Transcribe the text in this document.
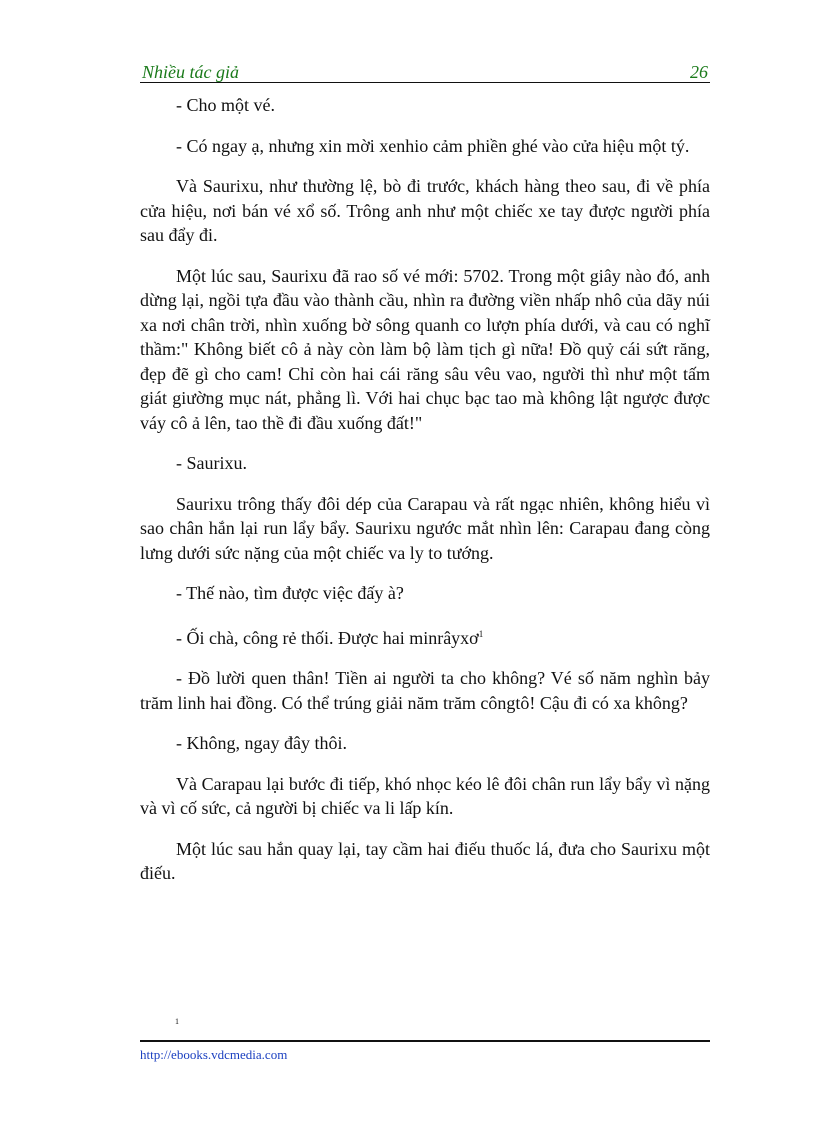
Nhiều tác giả	26

- Cho một vé.

- Có ngay ạ, nhưng xin mời xenhio cảm phiền ghé vào cửa hiệu một tý.

Và Saurixu, như thường lệ, bò đi trước, khách hàng theo sau, đi về phía cửa hiệu, nơi bán vé xổ số. Trông anh như một chiếc xe tay được người phía sau đẩy đi.

Một lúc sau, Saurixu đã rao số vé mới: 5702. Trong một giây nào đó, anh dừng lại, ngồi tựa đầu vào thành cầu, nhìn ra đường viền nhấp nhô của dãy núi xa nơi chân trời, nhìn xuống bờ sông quanh co lượn phía dưới, và cau có nghĩ thầm:" Không biết cô ả này còn làm bộ làm tịch gì nữa! Đồ quỷ cái sứt răng, đẹp đẽ gì cho cam! Chỉ còn hai cái răng sâu vêu vao, người thì như một tấm giát giường mục nát, phẳng lì. Với hai chục bạc tao mà không lật ngược được váy cô ả lên, tao thề đi đầu xuống đất!"

- Saurixu.

Saurixu trông thấy đôi dép của Carapau và rất ngạc nhiên, không hiểu vì sao chân hắn lại run lẩy bẩy. Saurixu ngước mắt nhìn lên: Carapau đang còng lưng dưới sức nặng của một chiếc va ly to tướng.

- Thế nào, tìm được việc đấy à?

- Ối chà, công rẻ thối. Được hai minrâyxơ$^1$

- Đồ lười quen thân! Tiền ai người ta cho không? Vé số năm nghìn bảy trăm linh hai đồng. Có thể trúng giải năm trăm côngtô! Cậu đi có xa không?

- Không, ngay đây thôi.

Và Carapau lại bước đi tiếp, khó nhọc kéo lê đôi chân run lẩy bẩy vì nặng và vì cố sức, cả người bị chiếc va li lấp kín.

Một lúc sau hắn quay lại, tay cầm hai điếu thuốc lá, đưa cho Saurixu một điếu.

1
http://ebooks.vdcmedia.com
